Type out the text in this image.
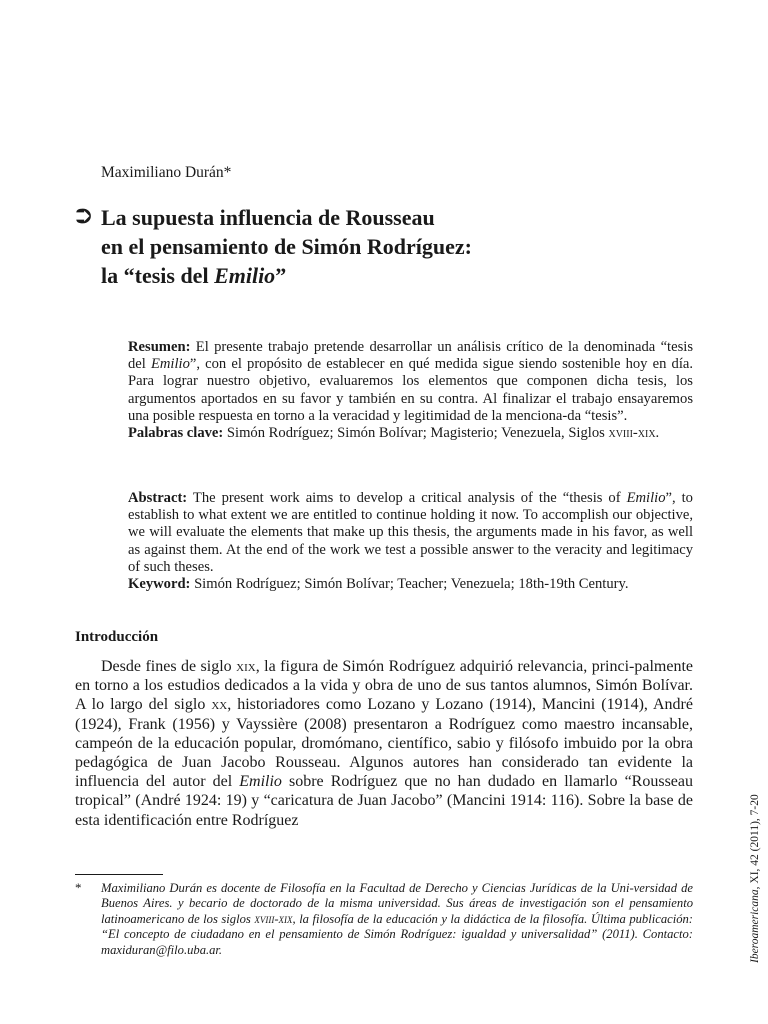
Maximiliano Durán*
⮊ La supuesta influencia de Rousseau
en el pensamiento de Simón Rodríguez:
la “tesis del Emilio”

Resumen: El presente trabajo pretende desarrollar un análisis crítico de la denominada “tesis del Emilio”, con el propósito de establecer en qué medida sigue siendo sostenible hoy en día. Para lograr nuestro objetivo, evaluaremos los elementos que componen dicha tesis, los argumentos aportados en su favor y también en su contra. Al finalizar el trabajo ensayaremos una posible respuesta en torno a la veracidad y legitimidad de la menciona-da “tesis”.

Palabras clave: Simón Rodríguez; Simón Bolívar; Magisterio; Venezuela, Siglos xviii-xix.

Abstract: The present work aims to develop a critical analysis of the “thesis of Emilio”, to establish to what extent we are entitled to continue holding it now. To accomplish our objective, we will evaluate the elements that make up this thesis, the arguments made in his favor, as well as against them. At the end of the work we test a possible answer to the veracity and legitimacy of such theses.

Keyword: Simón Rodríguez; Simón Bolívar; Teacher; Venezuela; 18th-19th Century.

Introducción

Desde fines de siglo xix, la figura de Simón Rodríguez adquirió relevancia, princi-palmente en torno a los estudios dedicados a la vida y obra de uno de sus tantos alumnos, Simón Bolívar. A lo largo del siglo xx, historiadores como Lozano y Lozano (1914), Mancini (1914), André (1924), Frank (1956) y Vayssière (2008) presentaron a Rodríguez como maestro incansable, campeón de la educación popular, dromómano, científico, sabio y filósofo imbuido por la obra pedagógica de Juan Jacobo Rousseau. Algunos autores han considerado tan evidente la influencia del autor del Emilio sobre Rodríguez que no han dudado en llamarlo “Rousseau tropical” (André 1924: 19) y “caricatura de Juan Jacobo” (Mancini 1914: 116). Sobre la base de esta identificación entre Rodríguez

* Maximiliano Durán es docente de Filosofía en la Facultad de Derecho y Ciencias Jurídicas de la Uni-versidad de Buenos Aires. y becario de doctorado de la misma universidad. Sus áreas de investigación son el pensamiento latinoamericano de los siglos xviii-xix, la filosofía de la educación y la didáctica de la filosofía. Última publicación: “El concepto de ciudadano en el pensamiento de Simón Rodríguez: igualdad y universalidad” (2011). Contacto: maxiduran@filo.uba.ar.	Iberoamericana, XI, 42 (2011), 7-20
